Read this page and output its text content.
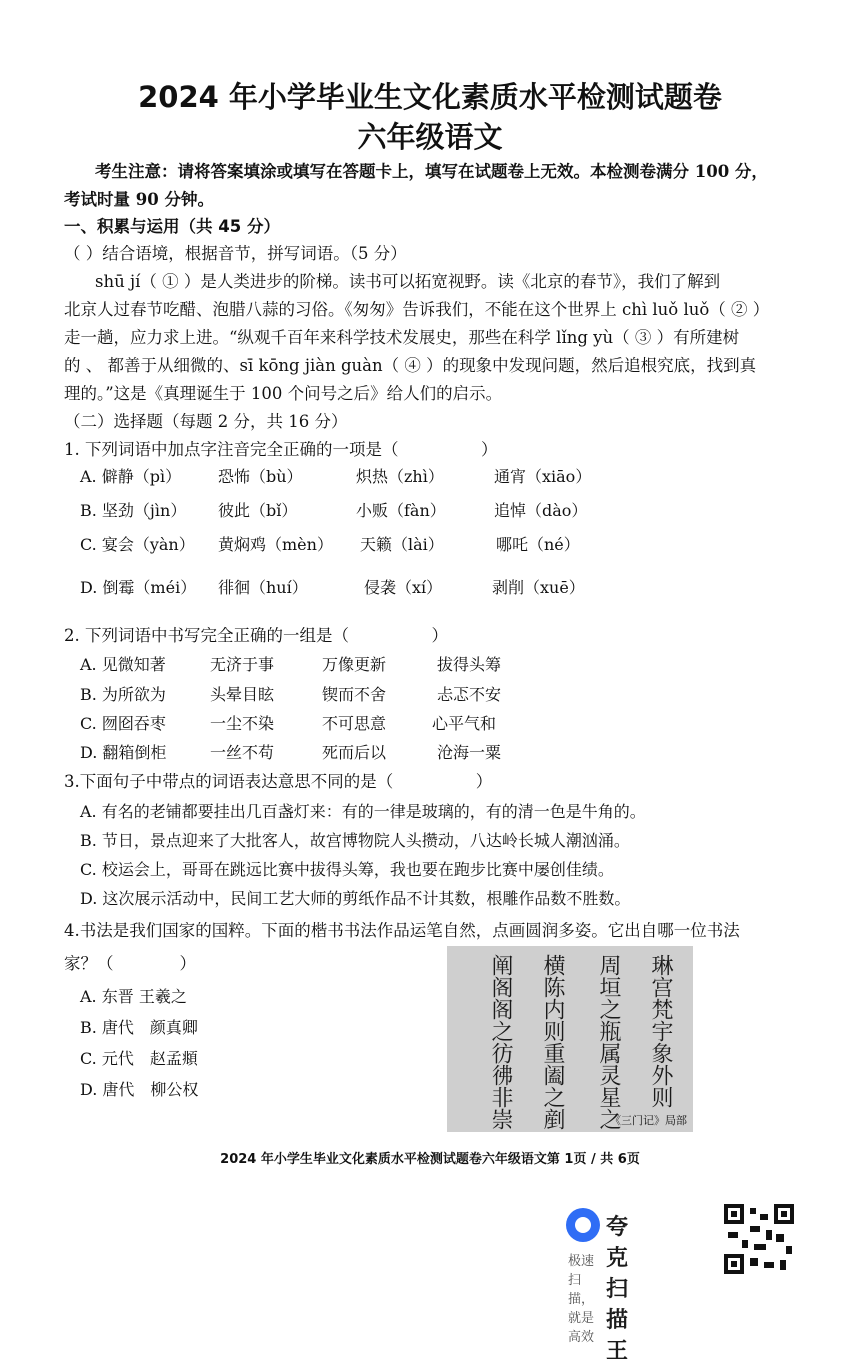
2024 年小学毕业生文化素质水平检测试题卷
六年级语文
考生注意：请将答案填涂或填写在答题卡上，填写在试题卷上无效。本检测卷满分 100 分，
考试时量 90 分钟。
一、积累与运用（共 45 分）
（ ）结合语境，根据音节，拼写词语。（5 分）
shū jí（ ① ）是人类进步的阶梯。读书可以拓宽视野。读《北京的春节》，我们了解到
北京人过春节吃醋、泡腊八蒜的习俗。《匆匆》告诉我们，不能在这个世界上 chì luǒ luǒ（ ② ）
走一趟，应力求上进。“纵观千百年来科学技术发展史，那些在科学 lǐng yù（ ③ ）有所建树
的 、 都善于从细微的、sī kōng jiàn guàn（ ④ ）的现象中发现问题，然后追根究底，找到真
理的。”这是《真理诞生于 100 个问号之后》给人们的启示。
（二）选择题（每题 2 分，共 16 分）
1. 下列词语中加点字注音完全正确的一项是（　　　　　）
A. 僻静（pì） 恐怖（bù）	炽热（zhì）	通宵（xiāo）
B. 坚劲（jìn） 彼此（bǐ）	小贩（fàn）	追悼（dào）
C. 宴会（yàn） 黄焖鸡（mèn） 天籁（lài）	哪吒（né）
D. 倒霉（méi） 徘徊（huí）	侵袭（xí）	剥削（xuē）
2. 下列词语中书写完全正确的一组是（　　　　　）
A. 见微知著	无济于事	万像更新	拔得头筹
B. 为所欲为	头晕目眩	锲而不舍	忐忑不安
C. 囫囵吞枣	一尘不染	不可思意	心平气和
D. 翻箱倒柜	一丝不苟	死而后以	沧海一粟
3.下面句子中带点的词语表达意思不同的是（　　　　　）
A. 有名的老铺都要挂出几百盏灯来：有的一律是玻璃的，有的清一色是牛角的。
B. 节日，景点迎来了大批客人，故宫博物院人头攒动，八达岭长城人潮汹涌。
C. 校运会上，哥哥在跳远比赛中拔得头筹，我也要在跑步比赛中屡创佳绩。
D. 这次展示活动中，民间工艺大师的剪纸作品不计其数，根雕作品数不胜数。
4.书法是我们国家的国粹。下面的楷书书法作品运笔自然，点画圆润多姿。它出自哪一位书法
家？（　　　　）
A. 东晋 王羲之
B. 唐代　颜真卿
C. 元代　赵孟頫
D. 唐代　柳公权	琳宫梵宇象外则
周垣之瓶属灵星之
横陈内则重阖之剷
阐阁阁之彷彿非崇	《三门记》局部
2024 年小学生毕业文化素质水平检测试题卷六年级语文第 1页 / 共 6页
夸克扫描王
极速扫描，就是高效
